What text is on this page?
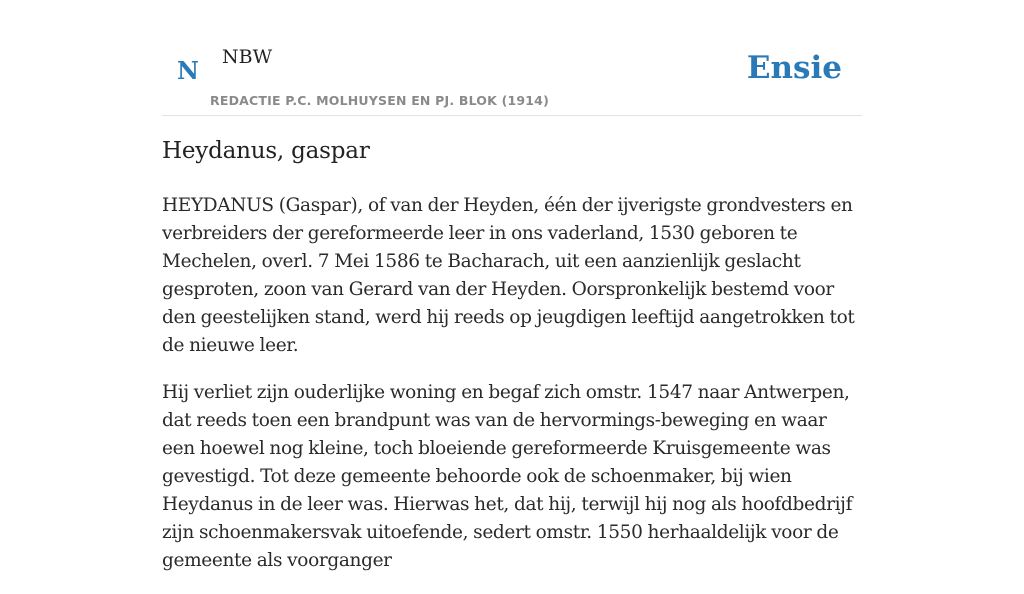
N NBW
REDACTIE P.C. MOLHUYSEN EN PJ. BLOK (1914)
Ensie
Heydanus, gaspar

HEYDANUS (Gaspar), of van der Heyden, één der ijverigste grondvesters en verbreiders der gereformeerde leer in ons vaderland, 1530 geboren te Mechelen, overl. 7 Mei 1586 te Bacharach, uit een aanzienlijk geslacht gesproten, zoon van Gerard van der Heyden. Oorspronkelijk bestemd voor den geestelijken stand, werd hij reeds op jeugdigen leeftijd aangetrokken tot de nieuwe leer.

Hij verliet zijn ouderlijke woning en begaf zich omstr. 1547 naar Antwerpen, dat reeds toen een brandpunt was van de hervormings-beweging en waar een hoewel nog kleine, toch bloeiende gereformeerde Kruisgemeente was gevestigd. Tot deze gemeente behoorde ook de schoenmaker, bij wien Heydanus in de leer was. Hierwas het, dat hij, terwijl hij nog als hoofdbedrijf zijn schoenmakersvak uitoefende, sedert omstr. 1550 herhaaldelijk voor de gemeente als voorganger
